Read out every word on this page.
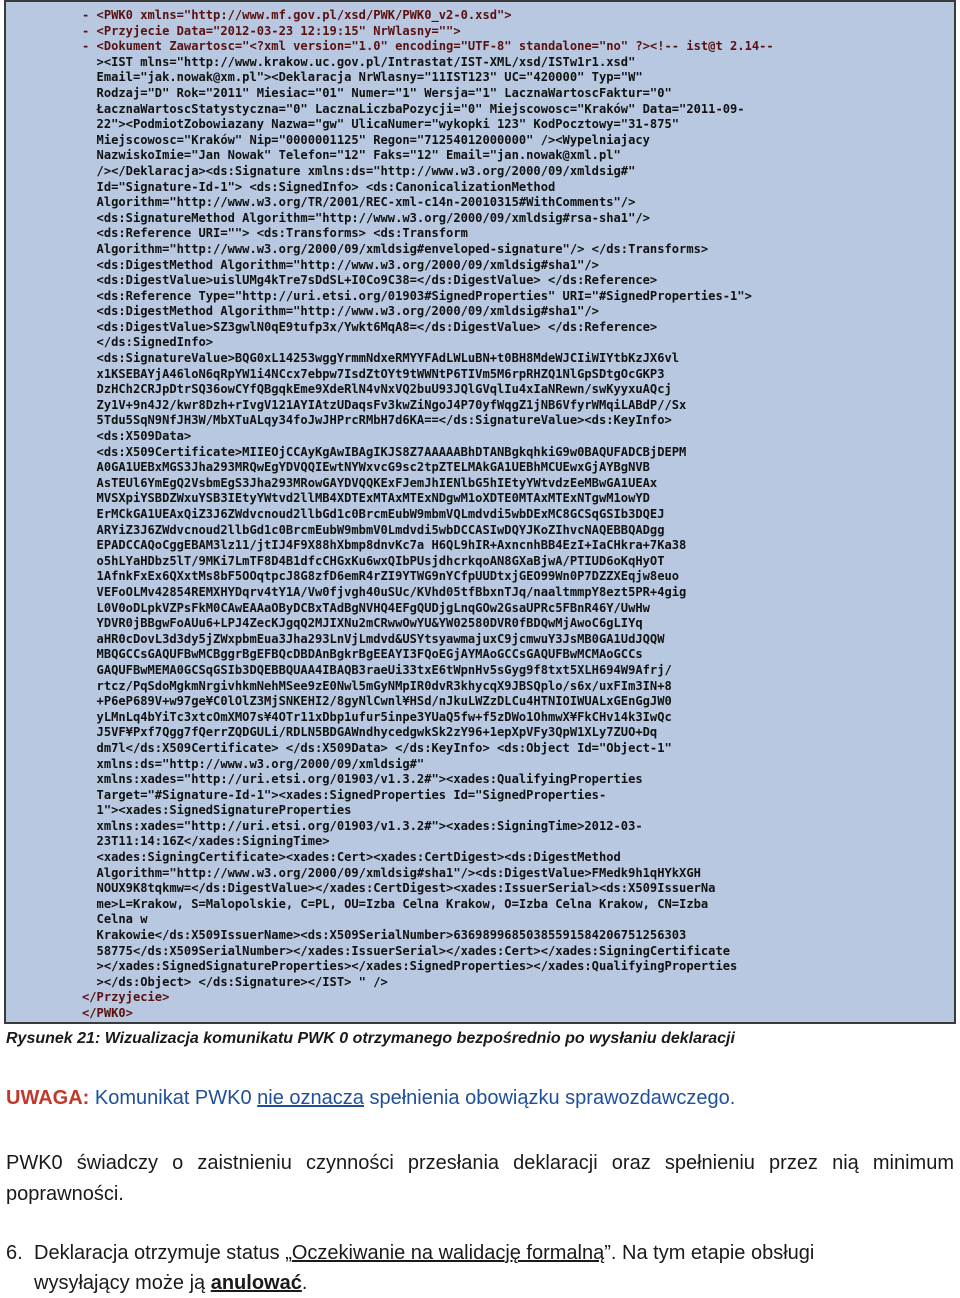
- <PWK0 xmlns="http://www.mf.gov.pl/xsd/PWK/PWK0_v2-0.xsd">
- <Przyjecie Data="2012-03-23 12:19:15" NrWlasny="">
- <Dokument Zawartosc="<?xml version="1.0" encoding="UTF-8" standalone="no" ?><!-- ist@t 2.14--
><IST mlns="http://www.krakow.uc.gov.pl/Intrastat/IST-XML/xsd/ISTw1r1.xsd"
Email="jak.nowak@xm.pl"><Deklaracja NrWlasny="11IST123" UC="420000" Typ="W"
Rodzaj="D" Rok="2011" Miesiac="01" Numer="1" Wersja="1" LacznaWartoscFaktur="0"
ŁacznaWartoscStatystyczna="0" LacznaLiczbaPozycji="0" Miejscowosc="Kraków" Data="2011-09-
22"><PodmiotZobowiazany Nazwa="gw" UlicaNumer="wykopki 123" KodPocztowy="31-875"
Miejscowosc="Kraków" Nip="0000001125" Regon="71254012000000" /><Wypelniajacy
NazwiskoImie="Jan Nowak" Telefon="12" Faks="12" Email="jan.nowak@xml.pl"
/></Deklaracja><ds:Signature xmlns:ds="http://www.w3.org/2000/09/xmldsig#"
Id="Signature-Id-1"> <ds:SignedInfo> <ds:CanonicalizationMethod
Algorithm="http://www.w3.org/TR/2001/REC-xml-c14n-20010315#WithComments"/>
<ds:SignatureMethod Algorithm="http://www.w3.org/2000/09/xmldsig#rsa-sha1"/>
<ds:Reference URI=""> <ds:Transforms> <ds:Transform
Algorithm="http://www.w3.org/2000/09/xmldsig#enveloped-signature"/> </ds:Transforms>
<ds:DigestMethod Algorithm="http://www.w3.org/2000/09/xmldsig#sha1"/>
<ds:DigestValue>uislUMg4kTre7sDdSL+I0Co9C38=</ds:DigestValue> </ds:Reference>
<ds:Reference Type="http://uri.etsi.org/01903#SignedProperties" URI="#SignedProperties-1">
<ds:DigestMethod Algorithm="http://www.w3.org/2000/09/xmldsig#sha1"/>
<ds:DigestValue>SZ3gwlN0qE9tufp3x/Ywkt6MqA8=</ds:DigestValue> </ds:Reference>
</ds:SignedInfo>
<ds:SignatureValue>BQG0xL14253wggYrmmNdxeRMYYFAdLWLuBN+t0BH8MdeWJCIiWIYtbKzJX6vl
x1KSEBAYjA46loN6qRpYW1i4NCcx7ebpw7IsdZtOYt9tWWNtP6TIVm5M6rpRHZQ1NlGpSDtgOcGKP3
DzHCh2CRJpDtrSQ36owCYfQBgqkEme9XdeRlN4vNxVQ2buU93JQlGVqlIu4xIaNRewn/swKyyxuAQcj
Zy1V+9n4J2/kwr8Dzh+rIvgV121AYIAtzUDaqsFv3kwZiNgoJ4P70yfWqgZ1jNB6VfyrWMqiLABdP//Sx
5Tdu5SqN9NfJH3W/MbXTuALqy34foJwJHPrcRMbH7d6KA==</ds:SignatureValue><ds:KeyInfo>
<ds:X509Data>
<ds:X509Certificate>MIIEOjCCAyKgAwIBAgIKJS8Z7AAAAABhDTANBgkqhkiG9w0BAQUFADCBjDEPM
A0GA1UEBxMGS3Jha293MRQwEgYDVQQIEwtNYWxvcG9sc2tpZTELMAkGA1UEBhMCUEwxGjAYBgNVB
AsTEUl6YmEgQ2VsbmEgS3Jha293MRowGAYDVQQKExFJemJhIENlbG5hIEtyYWtvdzEeMBwGA1UEAx
MVSXpiYSBDZWxuYSB3IEtyYWtvd2llMB4XDTExMTAxMTExNDgwM1oXDTE0MTAxMTExNTgwM1owYD
ErMCkGA1UEAxQiZ3J6ZWdvcnoud2llbGd1c0BrcmEubW9mbmVQLmdvdi5wbDExMC8GCSqGSIb3DQEJ
ARYiZ3J6ZWdvcnoud2llbGd1c0BrcmEubW9mbmV0Lmdvdi5wbDCCASIwDQYJKoZIhvcNAQEBBQADgg
EPADCCAQoCggEBAM3lz11/jtIJ4F9X88hXbmp8dnvKc7a H6QL9hIR+AxncnhBB4EzI+IaCHkra+7Ka38
o5hLYaHDbz5lT/9MKi7LmTF8D4B1dfcCHGxKu6wxQIbPUsjdhcrkqoAN8GXaBjwA/PTIUD6oKqHyOT
1AfnkFxEx6QXxtMs8bF5OOqtpcJ8G8zfD6emR4rZI9YTWG9nYCfpUUDtxjGEO99Wn0P7DZZXEqjw8euo
VEFoOLMv42854REMXHYDqrv4tY1A/Vw0fjvgh40uSUc/KVhd05tfBbxnTJq/naaltmmpY8ezt5PR+4gig
L0V0oDLpkVZPsFkM0CAwEAAaOByDCBxTAdBgNVHQ4EFgQUDjgLnqGOw2GsaUPRc5FBnR46Y/UwHw
YDVR0jBBgwFoAUu6+LPJ4ZecKJgqQ2MJIXNu2mCRwwOwYU&YW02580DVR0fBDQwMjAwoC6gLIYq
aHR0cDovL3d3dy5jZWxpbmEua3Jha293LnVjLmdvd&USYtsyawmajuxC9jcmwuY3JsMB0GA1UdJQQW
MBQGCCsGAQUFBwMCBggrBgEFBQcDBDAnBgkrBgEEAYI3FQoEGjAYMAoGCCsGAQUFBwMCMAoGCCs
GAQUFBwMEMA0GCSqGSIb3DQEBBQUAA4IBAQB3raeUi33txE6tWpnHv5sGyg9f8txt5XLH694W9Afrj/
rtcz/PqSdoMgkmNrgivhkmNehMSee9zE0Nwl5mGyNMpIR0dvR3khycqX9JBSQplo/s6x/uxFIm3IN+8
+P6eP689V+w97ge¥C0lOlZ3MjSNKEHI2/8gyNlCwnl¥HSd/nJkuLWZzDLCu4HTNIOIWUALxGEnGgJW0
yLMnLq4bYiTc3xtcOmXMO7s¥4OTr11xDbp1ufur5inpe3YUaQ5fw+f5zDWo1OhmwX¥FkCHv14k3IwQc
J5VF¥Pxf7Qgg7fQerrZQDGULi/RDLN5BDGAWndhycedgwkSk2zY96+1epXpVFy3QpW1XLy7ZUO+Dq
dm7l</ds:X509Certificate> </ds:X509Data> </ds:KeyInfo> <ds:Object Id="Object-1"
xmlns:ds="http://www.w3.org/2000/09/xmldsig#"
xmlns:xades="http://uri.etsi.org/01903/v1.3.2#"><xades:QualifyingProperties
Target="#Signature-Id-1"><xades:SignedProperties Id="SignedProperties-
1"><xades:SignedSignatureProperties
xmlns:xades="http://uri.etsi.org/01903/v1.3.2#"><xades:SigningTime>2012-03-
23T11:14:16Z</xades:SigningTime>
<xades:SigningCertificate><xades:Cert><xades:CertDigest><ds:DigestMethod
Algorithm="http://www.w3.org/2000/09/xmldsig#sha1"/><ds:DigestValue>FMedk9h1qHYkXGH
NOUX9K8tqkmw=</ds:DigestValue></xades:CertDigest><xades:IssuerSerial><ds:X509IssuerNa
me>L=Krakow, S=Malopolskie, C=PL, OU=Izba Celna Krakow, O=Izba Celna Krakow, CN=Izba
Celna w
Krakowie</ds:X509IssuerName><ds:X509SerialNumber>63698996850385591584206751256303
58775</ds:X509SerialNumber></xades:IssuerSerial></xades:Cert></xades:SigningCertificate
></xades:SignedSignatureProperties></xades:SignedProperties></xades:QualifyingProperties
></ds:Object> </ds:Signature></IST> " />
</Przyjecie>
</PWK0>
Rysunek 21: Wizualizacja komunikatu PWK 0 otrzymanego bezpośrednio po wysłaniu deklaracji
UWAGA: Komunikat PWK0 nie oznacza spełnienia obowiązku sprawozdawczego.
PWK0 świadczy o zaistnieniu czynności przesłania deklaracji oraz spełnieniu przez nią minimum poprawności.
6. Deklaracja otrzymuje status „Oczekiwanie na walidację formalną”. Na tym etapie obsługi
wysyłający może ją anulować.
